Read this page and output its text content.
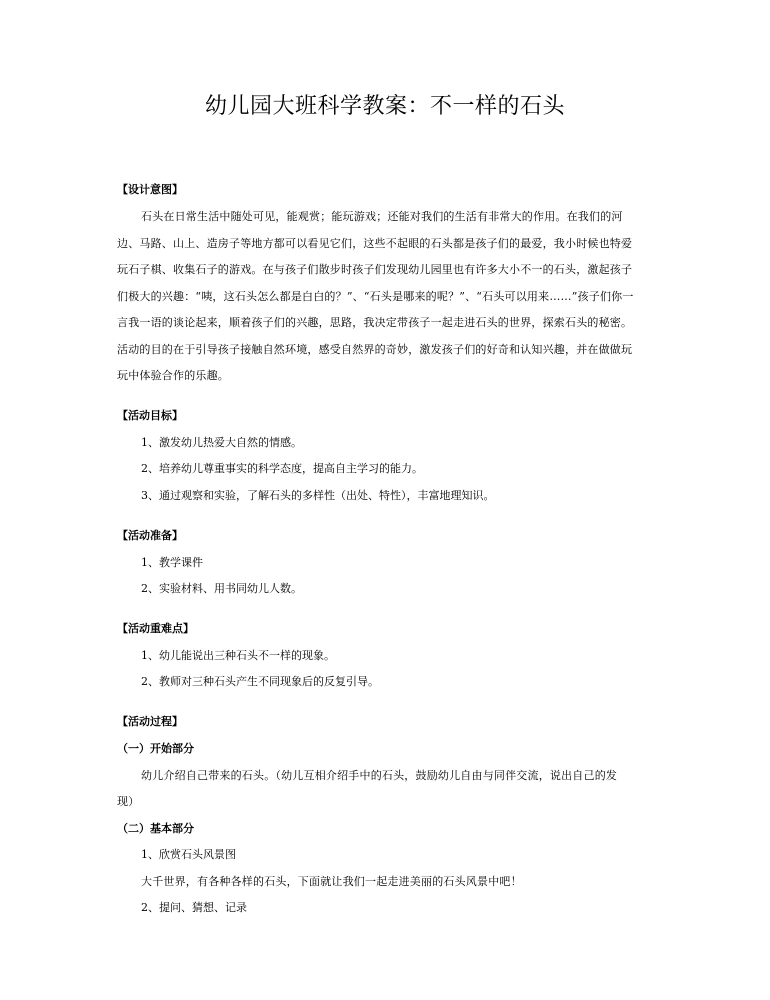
幼儿园大班科学教案：不一样的石头
【设计意图】
石头在日常生活中随处可见，能观赏；能玩游戏；还能对我们的生活有非常大的作用。在我们的河
边、马路、山上、造房子等地方都可以看见它们，这些不起眼的石头都是孩子们的最爱，我小时候也特爱
玩石子棋、收集石子的游戏。在与孩子们散步时孩子们发现幼儿园里也有许多大小不一的石头，激起孩子
们极大的兴趣：“咦，这石头怎么都是白白的？”、“石头是哪来的呢？”、“石头可以用来……”孩子们你一
言我一语的谈论起来，顺着孩子们的兴趣，思路，我决定带孩子一起走进石头的世界，探索石头的秘密。
活动的目的在于引导孩子接触自然环境，感受自然界的奇妙，激发孩子们的好奇和认知兴趣，并在做做玩
玩中体验合作的乐趣。
【活动目标】
1、激发幼儿热爱大自然的情感。
2、培养幼儿尊重事实的科学态度，提高自主学习的能力。
3、通过观察和实验，了解石头的多样性（出处、特性），丰富地理知识。
【活动准备】
1、教学课件
2、实验材料、用书同幼儿人数。
【活动重难点】
1、幼儿能说出三种石头不一样的现象。
2、教师对三种石头产生不同现象后的反复引导。
【活动过程】
（一）开始部分
幼儿介绍自己带来的石头。（幼儿互相介绍手中的石头，鼓励幼儿自由与同伴交流，说出自己的发
现）
（二）基本部分
1、欣赏石头风景图
大千世界，有各种各样的石头，下面就让我们一起走进美丽的石头风景中吧！
2、提问、猜想、记录
